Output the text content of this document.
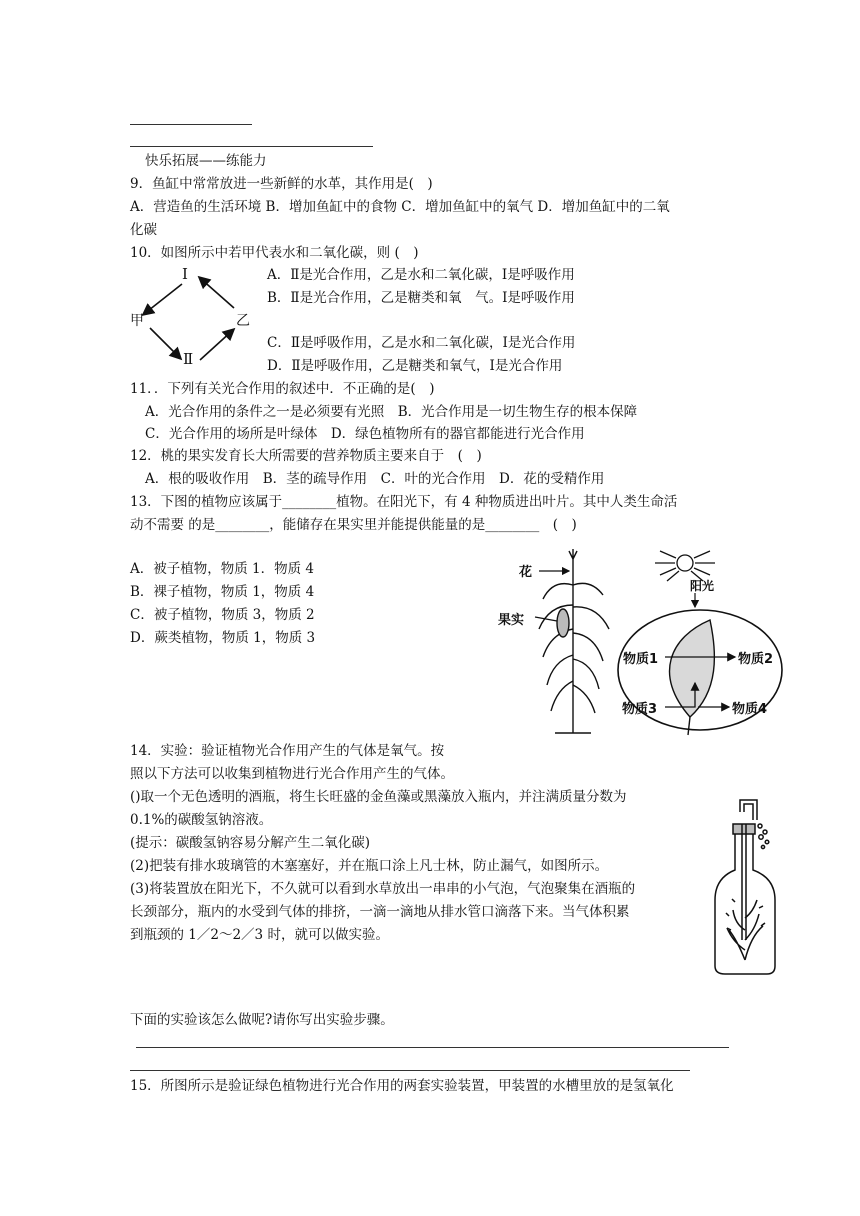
快乐拓展——练能力
9．鱼缸中常常放进一些新鲜的水革，其作用是(　)
A．营造鱼的生活环境 B．增加鱼缸中的食物 C．增加鱼缸中的氧气 D．增加鱼缸中的二氧
化碳
10．如图所示中若甲代表水和二氧化碳，则 (　)
Ⅰ
甲	乙
Ⅱ
A．Ⅱ是光合作用，乙是水和二氧化碳，Ⅰ是呼吸作用
B．Ⅱ是光合作用，乙是糖类和氧　气。Ⅰ是呼吸作用
C．Ⅱ是呼吸作用，乙是水和二氧化碳，Ⅰ是光合作用
D．Ⅱ是呼吸作用，乙是糖类和氧气，Ⅰ是光合作用
11．．下列有关光合作用的叙述中．不正确的是(　)
A．光合作用的条件之一是必须要有光照　B．光合作用是一切生物生存的根本保障
C．光合作用的场所是叶绿体　D．绿色植物所有的器官都能进行光合作用
12．桃的果实发育长大所需要的营养物质主要来自于　(　)
A．根的吸收作用　B．茎的疏导作用　C．叶的光合作用　D．花的受精作用
13．下图的植物应该属于________植物。在阳光下，有 4 种物质进出叶片。其中人类生命活
动不需要 的是________，能储存在果实里并能提供能量的是________　(　)
A．被子植物，物质 1．物质 4
B．裸子植物，物质 1，物质 4
C．被子植物，物质 3，物质 2
D．蕨类植物，物质 1，物质 3
花
果实
阳光
物质1	物质2
物质3	物质4
14．实验：验证植物光合作用产生的气体是氧气。按
照以下方法可以收集到植物进行光合作用产生的气体。
()取一个无色透明的酒瓶，将生长旺盛的金鱼藻或黑藻放入瓶内，并注满质量分数为
0.1%的碳酸氢钠溶液。
(提示：碳酸氢钠容易分解产生二氧化碳)
(2)把装有排水玻璃管的木塞塞好，并在瓶口涂上凡士林，防止漏气，如图所示。
(3)将装置放在阳光下，不久就可以看到水草放出一串串的小气泡，气泡聚集在酒瓶的
长颈部分，瓶内的水受到气体的排挤，一滴一滴地从排水管口滴落下来。当气体积累
到瓶颈的 1／2～2／3 时，就可以做实验。
下面的实验该怎么做呢?请你写出实验步骤。
15．所图所示是验证绿色植物进行光合作用的两套实验装置，甲装置的水槽里放的是氢氧化
